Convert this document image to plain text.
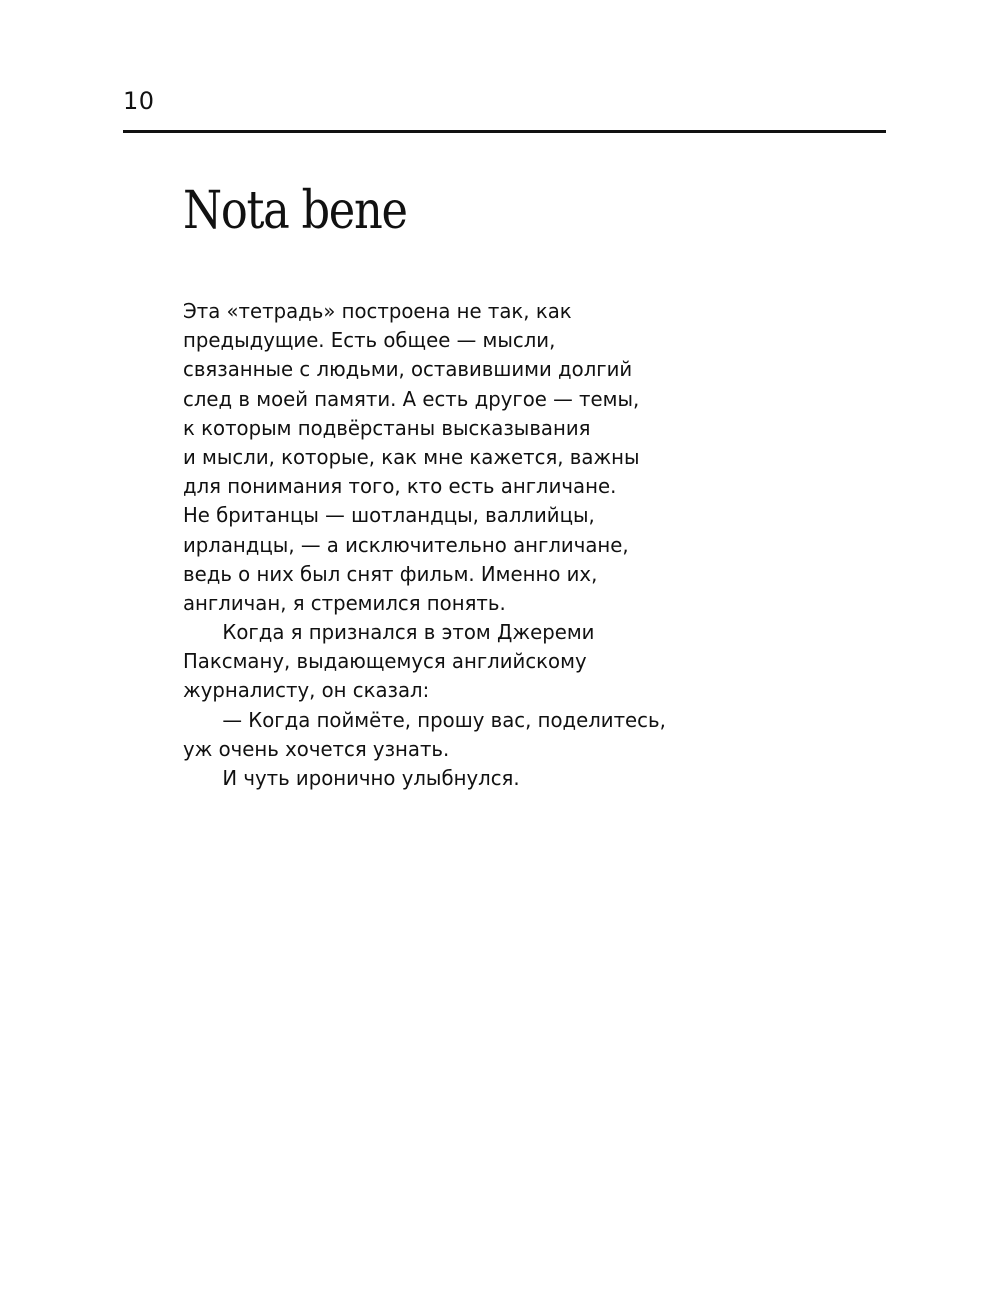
10
Nota bene
Эта «тетрадь» построена не так, как
предыдущие. Есть общее — мысли,
связанные с людьми, оставившими долгий
след в моей памяти. А есть другое — темы,
к которым подвёрстаны высказывания
и мысли, которые, как мне кажется, важны
для понимания того, кто есть англичане.
Не британцы — шотландцы, валлийцы,
ирландцы, — а исключительно англичане,
ведь о них был снят фильм. Именно их,
англичан, я стремился понять.
Когда я признался в этом Джереми
Паксману, выдающемуся английскому
журналисту, он сказал:
— Когда поймёте, прошу вас, поделитесь,
уж очень хочется узнать.
И чуть иронично улыбнулся.
